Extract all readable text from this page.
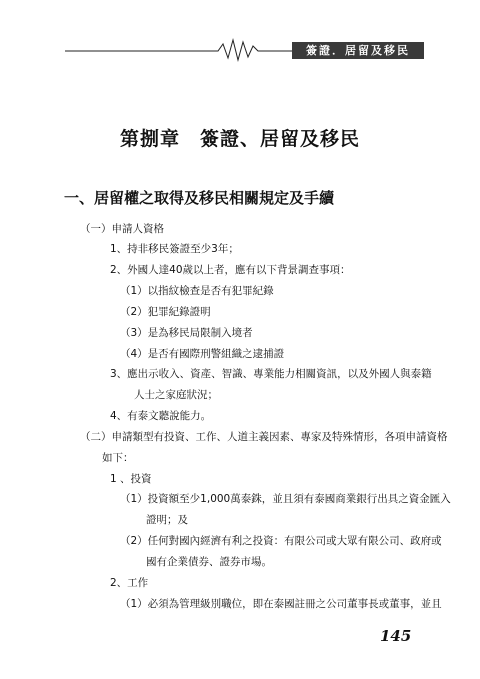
簽證．居留及移民
第捌章　簽證、居留及移民
一、居留權之取得及移民相關規定及手續
（一）申請人資格
1、持非移民簽證至少3年；
2、外國人達40歲以上者，應有以下背景調查事項：
（1）以指紋檢查是否有犯罪紀錄
（2）犯罪紀錄證明
（3）是為移民局限制入境者
（4）是否有國際刑警組織之逮捕證
3、應出示收入、資產、智識、專業能力相關資訊，以及外國人與泰籍
人士之家庭狀況；
4、有泰文聽說能力。
（二）申請類型有投資、工作、人道主義因素、專家及特殊情形，各項申請資格
如下：
1 、投資
（1）投資額至少1,000萬泰銖，並且須有泰國商業銀行出具之資金匯入
證明；及
（2）任何對國內經濟有利之投資：有限公司或大眾有限公司、政府或
國有企業債券、證券市場。
2、工作
（1）必須為管理級別職位，即在泰國註冊之公司董事長或董事，並且
145
